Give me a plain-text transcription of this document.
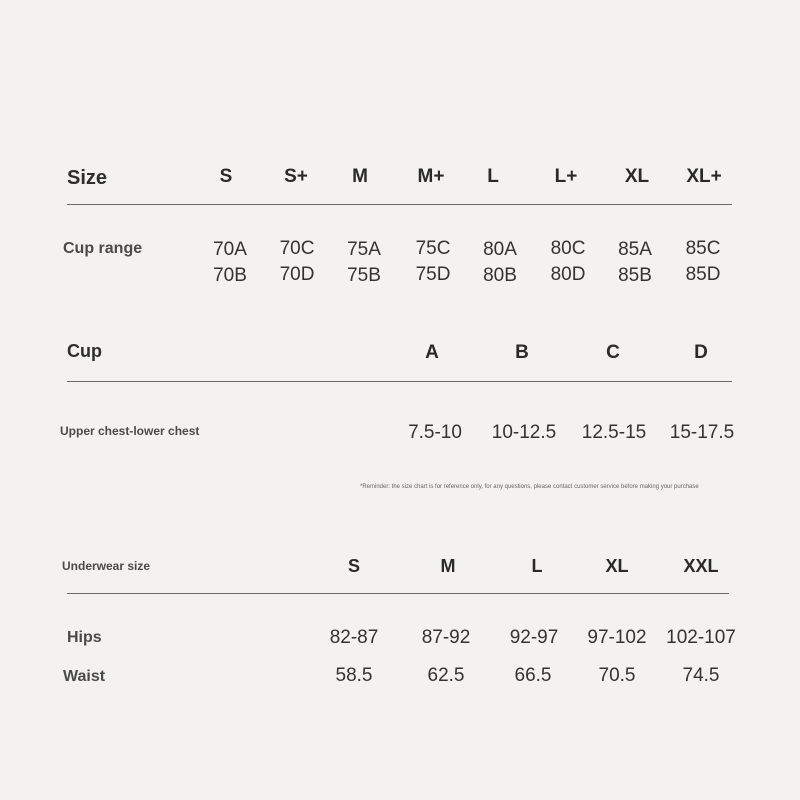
Size	S	S+	M	M+	L	L+	XL	XL+
Cup range	70A	70C	75A	75C	80A	80C	85A	85C
70B	70D	75B	75D	80B	80D	85B	85D
Cup	A	B	C	D
Upper chest-lower chest	7.5-10	10-12.5	12.5-15	15-17.5
*Reminder: the size chart is for reference only, for any questions, please contact customer service before making your purchase
Underwear size	S	M	L	XL	XXL
Hips	82-87	87-92	92-97	97-102	102-107
Waist	58.5	62.5	66.5	70.5	74.5
